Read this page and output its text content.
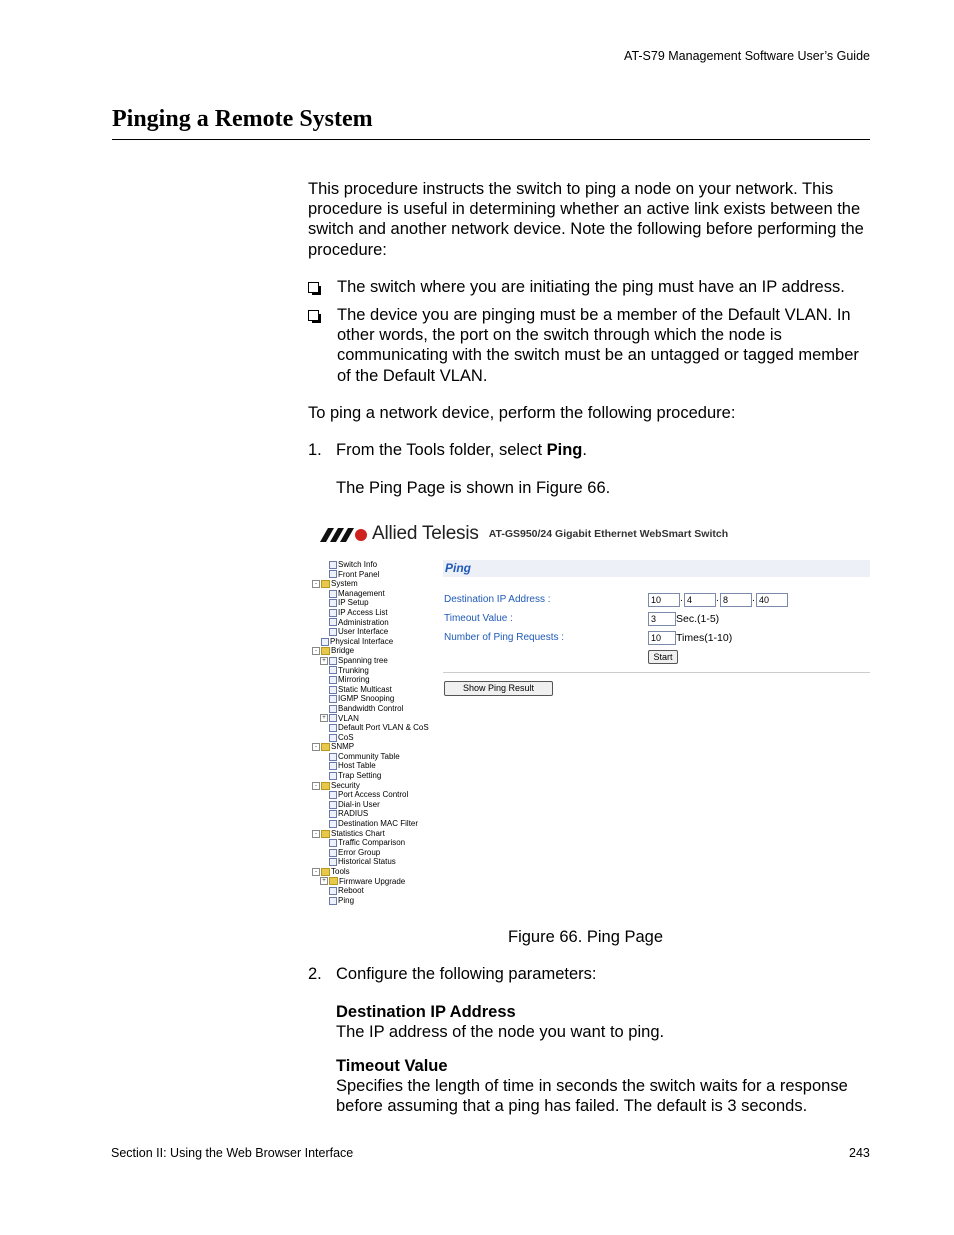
AT-S79 Management Software User’s Guide
Pinging a Remote System
This procedure instructs the switch to ping a node on your network. This procedure is useful in determining whether an active link exists between the switch and another network device. Note the following before performing the procedure:
The switch where you are initiating the ping must have an IP address.
The device you are pinging must be a member of the Default VLAN. In other words, the port on the switch through which the node is communicating with the switch must be an untagged or tagged member of the Default VLAN.
To ping a network device, perform the following procedure:
1. From the Tools folder, select Ping.
The Ping Page is shown in Figure 66.
Allied Telesis AT-GS950/24 Gigabit Ethernet WebSmart Switch
Switch Info
Front Panel
- System
Management
IP Setup
IP Access List
Administration
User Interface
Physical Interface
- Bridge
+ Spanning tree
Trunking
Mirroring
Static Multicast
IGMP Snooping
Bandwidth Control
+ VLAN
Default Port VLAN & CoS
CoS
- SNMP
Community Table
Host Table
Trap Setting
- Security
Port Access Control
Dial-in User
RADIUS
Destination MAC Filter
- Statistics Chart
Traffic Comparison
Error Group
Historical Status
- Tools
+ Firmware Upgrade
Reboot
Ping
Ping
Destination IP Address :	10	. 4	. 8	. 40
Timeout Value :	3	Sec.(1-5)
Number of Ping Requests :	10	Times(1-10)
Start
Show Ping Result
Figure 66. Ping Page
2. Configure the following parameters:
Destination IP Address
The IP address of the node you want to ping.
Timeout Value
Specifies the length of time in seconds the switch waits for a response before assuming that a ping has failed. The default is 3 seconds.
Section II: Using the Web Browser Interface	243
